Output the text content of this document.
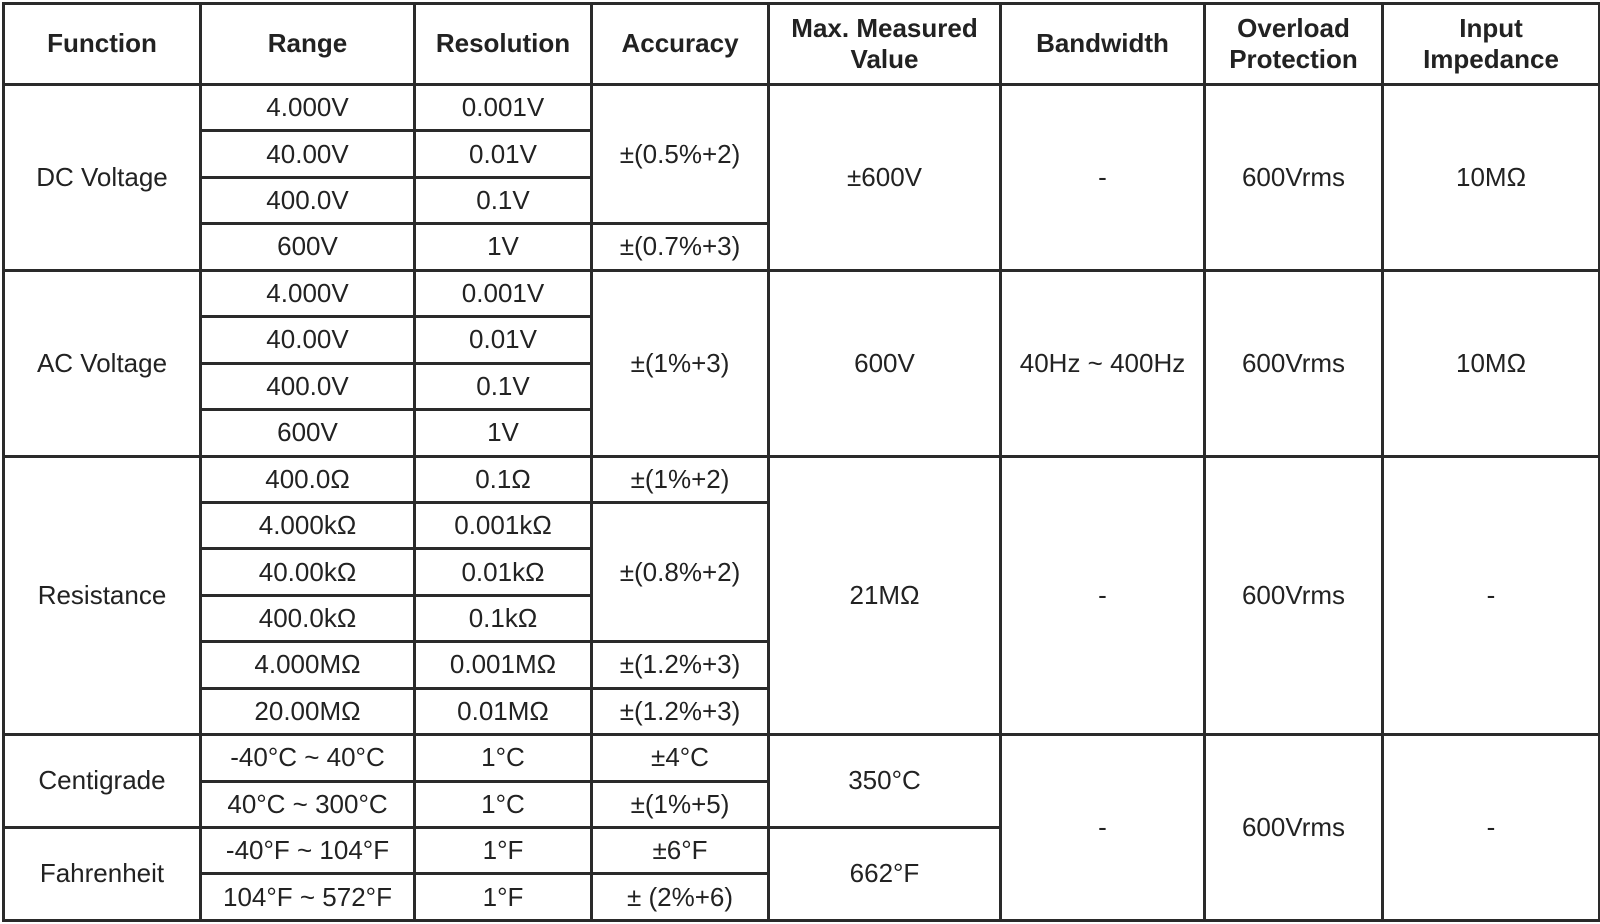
Function	Range	Resolution	Accuracy	Max. Measured Value	Bandwidth	Overload Protection	Input Impedance
DC Voltage	4.000V	0.001V	±(0.5%+2)	±600V	-	600Vrms	10MΩ
	40.00V	0.01V					
	400.0V	0.1V					
	600V	1V	±(0.7%+3)				
AC Voltage	4.000V	0.001V	±(1%+3)	600V	40Hz ~ 400Hz	600Vrms	10MΩ
	40.00V	0.01V					
	400.0V	0.1V					
	600V	1V					
Resistance	400.0Ω	0.1Ω	±(1%+2)	21MΩ	-	600Vrms	-
	4.000kΩ	0.001kΩ	±(0.8%+2)				
	40.00kΩ	0.01kΩ					
	400.0kΩ	0.1kΩ					
	4.000MΩ	0.001MΩ	±(1.2%+3)				
	20.00MΩ	0.01MΩ	±(1.2%+3)				
Centigrade	-40°C ~ 40°C	1°C	±4°C	350°C	-	600Vrms	-
	40°C ~ 300°C	1°C	±(1%+5)				
Fahrenheit	-40°F ~ 104°F	1°F	±6°F	662°F			
	104°F ~ 572°F	1°F	± (2%+6)				
